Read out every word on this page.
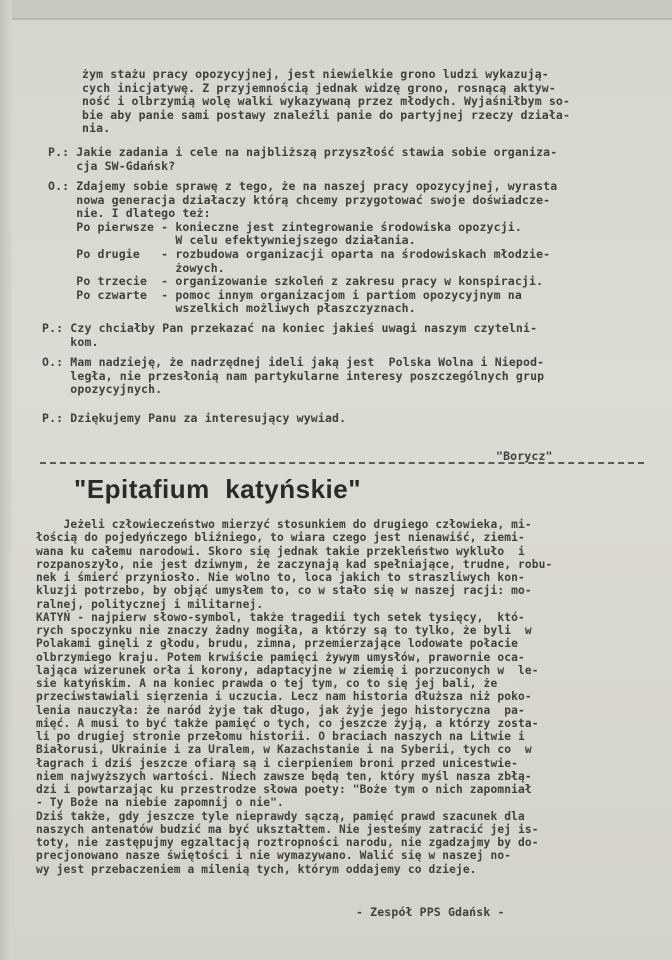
żym stażu pracy opozycyjnej, jest niewielkie grono ludzi wykazują-
cych inicjatywę. Z przyjemnością jednak widzę grono, rosnącą aktyw-
ność i olbrzymią wolę walki wykazywaną przez młodych. Wyjaśniłbym so-
bie aby panie sami postawy znaleźli panie do partyjnej rzeczy działa-
nia.
P.: Jakie zadania i cele na najbliższą przyszłość stawia sobie organiza-
cja SW-Gdańsk?
O.: Zdajemy sobie sprawę z tego, że na naszej pracy opozycyjnej, wyrasta
nowa generacja działaczy którą chcemy przygotować swoje doświadcze-
nie. I dlatego też:
Po pierwsze - konieczne jest zintegrowanie środowiska opozycji.
W celu efektywniejszego działania.
Po drugie   - rozbudowa organizacji oparta na środowiskach młodzie-
żowych.
Po trzecie  - organizowanie szkoleń z zakresu pracy w konspiracji.
Po czwarte  - pomoc innym organizacjom i partiom opozycyjnym na
wszelkich możliwych płaszczyznach.
P.: Czy chciałby Pan przekazać na koniec jakieś uwagi naszym czytelni-
kom.
O.: Mam nadzieję, że nadrzędnej ideli jaką jest  Polska Wolna i Niepod-
legła, nie przesłonią nam partykularne interesy poszczególnych grup
opozycyjnych.
P.: Dziękujemy Panu za interesujący wywiad.
"Borycz"
"Epitafium  katyńskie"
Jeżeli człowieczeństwo mierzyć stosunkiem do drugiego człowieka, mi-
łością do pojedyńczego bliźniego, to wiara czego jest nienawiść, ziemi-
wana ku całemu narodowi. Skoro się jednak takie przekleństwo wykluło  i
rozpanoszyło, nie jest dziwnym, że zaczynają kad spełniające, trudne, robu-
nek i śmierć przyniosło. Nie wolno to, loca jakich to straszliwych kon-
kluzji potrzebo, by objąć umysłem to, co w stało się w naszej racji: mo-
ralnej, politycznej i militarnej.
KATYŃ - najpierw słowo-symbol, także tragedii tych setek tysięcy,  któ-
rych spoczynku nie znaczy żadny mogiła, a którzy są to tylko, że byli  w
Polakami ginęli z głodu, brudu, zimna, przemierzające lodowate połacie
olbrzymiego kraju. Potem krwiście pamięci żywym umysłów, prawornie oca-
lająca wizerunek orła i korony, adaptacyjne w ziemię i porzuconych w  le-
sie katyńskim. A na koniec prawda o tej tym, co to się jej bali, że
przeciwstawiali sięrzenia i uczucia. Lecz nam historia dłuższa niż poko-
lenia nauczyła: że naród żyje tak długo, jak żyje jego historyczna  pa-
mięć. A musi to być także pamięć o tych, co jeszcze żyją, a którzy zosta-
li po drugiej stronie przełomu historii. O braciach naszych na Litwie i
Białorusi, Ukrainie i za Uralem, w Kazachstanie i na Syberii, tych co  w
łagrach i dziś jeszcze ofiarą są i cierpieniem broni przed unicestwie-
niem najwyższych wartości. Niech zawsze będą ten, który myśl nasza zbłą-
dzi i powtarzając ku przestrodze słowa poety: "Boże tym o nich zapomniał
- Ty Boże na niebie zapomnij o nie".
Dziś także, gdy jeszcze tyle nieprawdy sączą, pamięć prawd szacunek dla
naszych antenatów budzić ma być ukształtem. Nie jesteśmy zatracić jej is-
toty, nie zastępujmy egzaltacją roztropności narodu, nie zgadzajmy by do-
precjonowano nasze świętości i nie wymazywano. Walić się w naszej no-
wy jest przebaczeniem a milenią tych, którym oddajemy co dzieje.
- Zespół PPS Gdańsk -
